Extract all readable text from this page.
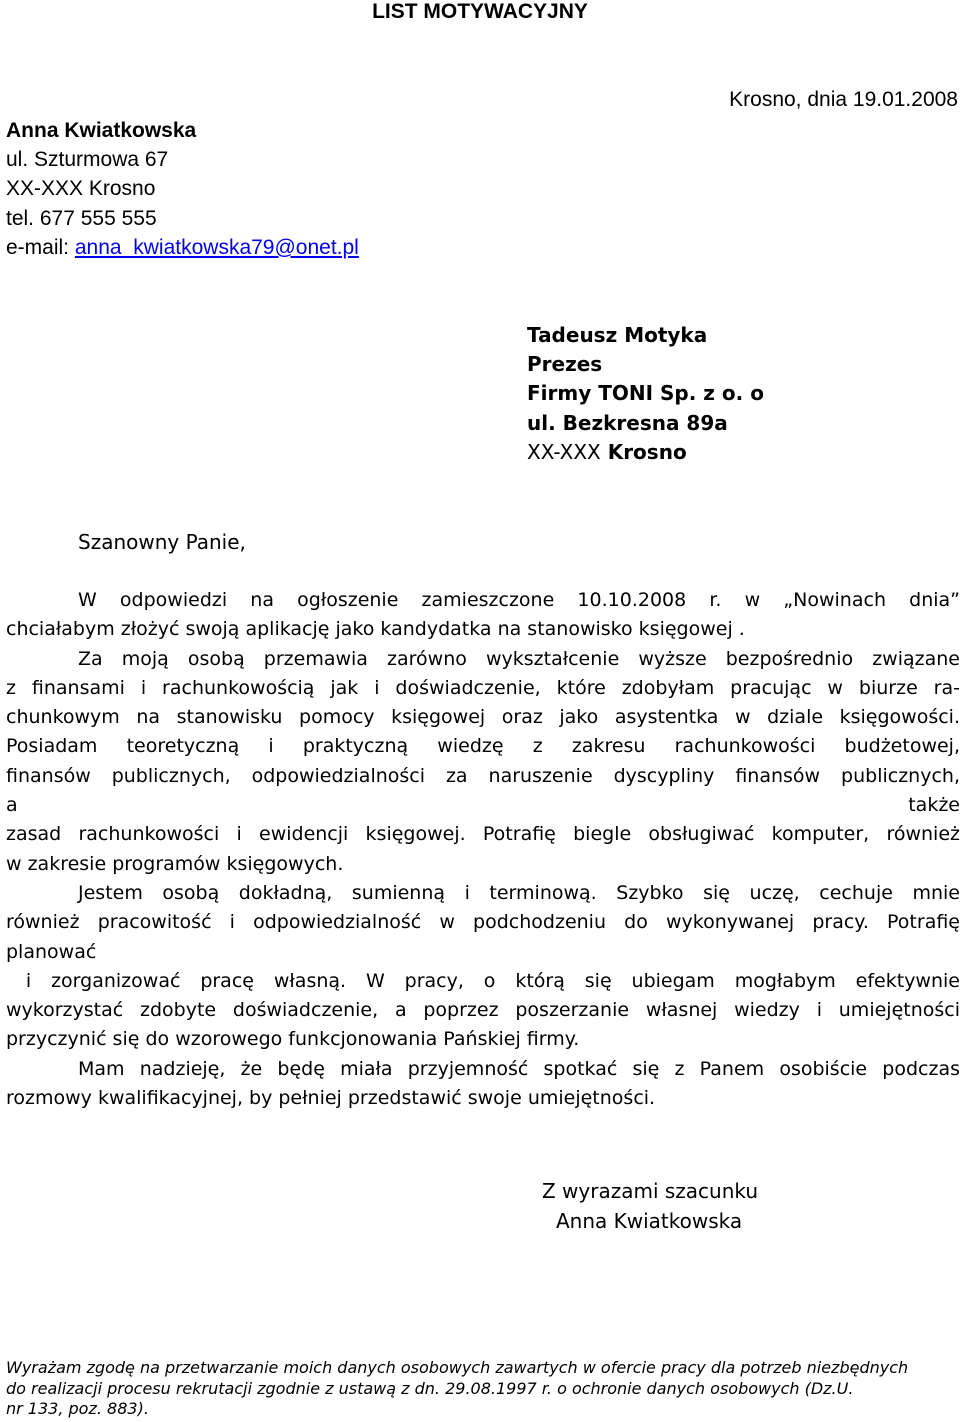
LIST MOTYWACYJNY
Krosno, dnia 19.01.2008
Anna Kwiatkowska
ul. Szturmowa 67
XX-XXX Krosno
tel. 677 555 555
e-mail: anna_kwiatkowska79@onet.pl
Tadeusz Motyka
Prezes
Firmy TONI Sp. z o. o
ul. Bezkresna 89a
XX-XXX Krosno
Szanowny Panie,
W odpowiedzi na ogłoszenie zamieszczone 10.10.2008 r. w „Nowinach dnia”
chciałabym złożyć swoją aplikację jako kandydatka na stanowisko księgowej .
Za moją osobą przemawia zarówno wykształcenie wyższe bezpośrednio związane
z finansami i rachunkowością jak i doświadczenie, które zdobyłam pracując w biurze ra-
chunkowym na stanowisku pomocy księgowej oraz jako asystentka w dziale księgowości.
Posiadam teoretyczną i praktyczną wiedzę z zakresu rachunkowości budżetowej,
finansów publicznych, odpowiedzialności za naruszenie dyscypliny finansów publicznych,
a także
zasad rachunkowości i ewidencji księgowej. Potrafię biegle obsługiwać komputer, również
w zakresie programów księgowych.
Jestem osobą dokładną, sumienną i terminową. Szybko się uczę, cechuje mnie
również pracowitość i odpowiedzialność w podchodzeniu do wykonywanej pracy. Potrafię
planować
i zorganizować pracę własną. W pracy, o którą się ubiegam mogłabym efektywnie
wykorzystać zdobyte doświadczenie, a poprzez poszerzanie własnej wiedzy i umiejętności
przyczynić się do wzorowego funkcjonowania Pańskiej firmy.
Mam nadzieję, że będę miała przyjemność spotkać się z Panem osobiście podczas
rozmowy kwalifikacyjnej, by pełniej przedstawić swoje umiejętności.
Z wyrazami szacunku
Anna Kwiatkowska
Wyrażam zgodę na przetwarzanie moich danych osobowych zawartych w ofercie pracy dla potrzeb niezbędnych
do realizacji procesu rekrutacji zgodnie z ustawą z dn. 29.08.1997 r. o ochronie danych osobowych (Dz.U.
nr 133, poz. 883).
